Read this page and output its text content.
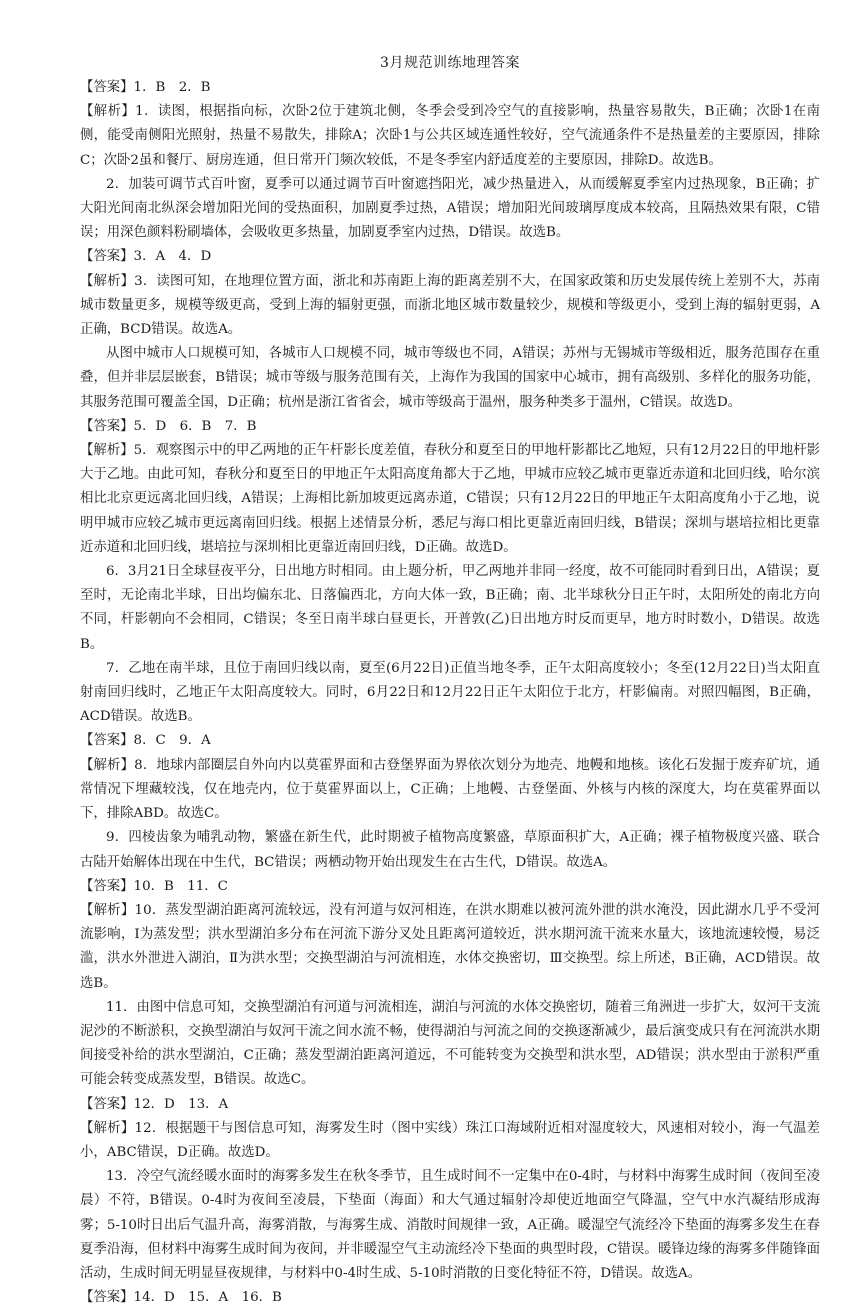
3月规范训练地理答案

【答案】1．B　2．B

【解析】1．读图，根据指向标，次卧2位于建筑北侧，冬季会受到冷空气的直接影响，热量容易散失，B正确；次卧1在南侧，能受南侧阳光照射，热量不易散失，排除A；次卧1与公共区域连通性较好，空气流通条件不是热量差的主要原因，排除C；次卧2虽和餐厅、厨房连通，但日常开门频次较低，不是冬季室内舒适度差的主要原因，排除D。故选B。

2．加装可调节式百叶窗，夏季可以通过调节百叶窗遮挡阳光，减少热量进入，从而缓解夏季室内过热现象，B正确；扩大阳光间南北纵深会增加阳光间的受热面积，加剧夏季过热，A错误；增加阳光间玻璃厚度成本较高，且隔热效果有限，C错误；用深色颜料粉刷墙体，会吸收更多热量，加剧夏季室内过热，D错误。故选B。

【答案】3．A　4．D

【解析】3．读图可知，在地理位置方面，浙北和苏南距上海的距离差别不大，在国家政策和历史发展传统上差别不大，苏南城市数量更多，规模等级更高，受到上海的辐射更强，而浙北地区城市数量较少，规模和等级更小，受到上海的辐射更弱，A正确，BCD错误。故选A。

从图中城市人口规模可知，各城市人口规模不同，城市等级也不同，A错误；苏州与无锡城市等级相近，服务范围存在重叠，但并非层层嵌套，B错误；城市等级与服务范围有关，上海作为我国的国家中心城市，拥有高级别、多样化的服务功能，其服务范围可覆盖全国，D正确；杭州是浙江省省会，城市等级高于温州，服务种类多于温州，C错误。故选D。

【答案】5．D　6．B　7．B

【解析】5．观察图示中的甲乙两地的正午杆影长度差值，春秋分和夏至日的甲地杆影都比乙地短，只有12月22日的甲地杆影大于乙地。由此可知，春秋分和夏至日的甲地正午太阳高度角都大于乙地，甲城市应较乙城市更靠近赤道和北回归线，哈尔滨相比北京更远离北回归线，A错误；上海相比新加坡更远离赤道，C错误；只有12月22日的甲地正午太阳高度角小于乙地，说明甲城市应较乙城市更远离南回归线。根据上述情景分析，悉尼与海口相比更靠近南回归线，B错误；深圳与堪培拉相比更靠近赤道和北回归线，堪培拉与深圳相比更靠近南回归线，D正确。故选D。

6．3月21日全球昼夜平分，日出地方时相同。由上题分析，甲乙两地并非同一经度，故不可能同时看到日出，A错误；夏至时，无论南北半球，日出均偏东北、日落偏西北，方向大体一致，B正确；南、北半球秋分日正午时，太阳所处的南北方向不同，杆影朝向不会相同，C错误；冬至日南半球白昼更长，开普敦(乙)日出地方时反而更早，地方时时数小，D错误。故选B。

7．乙地在南半球，且位于南回归线以南，夏至(6月22日)正值当地冬季，正午太阳高度较小；冬至(12月22日)当太阳直射南回归线时，乙地正午太阳高度较大。同时，6月22日和12月22日正午太阳位于北方，杆影偏南。对照四幅图，B正确，ACD错误。故选B。

【答案】8．C　9．A

【解析】8．地球内部圈层自外向内以莫霍界面和古登堡界面为界依次划分为地壳、地幔和地核。该化石发掘于废弃矿坑，通常情况下埋藏较浅，仅在地壳内，位于莫霍界面以上，C正确；上地幔、古登堡面、外核与内核的深度大，均在莫霍界面以下，排除ABD。故选C。

9．四棱齿象为哺乳动物，繁盛在新生代，此时期被子植物高度繁盛，草原面积扩大，A正确；裸子植物极度兴盛、联合古陆开始解体出现在中生代，BC错误；两栖动物开始出现发生在古生代，D错误。故选A。

【答案】10．B　11．C

【解析】10．蒸发型湖泊距离河流较远，没有河道与奴河相连，在洪水期难以被河流外泄的洪水淹没，因此湖水几乎不受河流影响，Ⅰ为蒸发型；洪水型湖泊多分布在河流下游分叉处且距离河道较近，洪水期河流干流来水量大，该地流速较慢，易泛滥，洪水外泄进入湖泊，Ⅱ为洪水型；交换型湖泊与河流相连，水体交换密切，Ⅲ交换型。综上所述，B正确，ACD错误。故选B。

11．由图中信息可知，交换型湖泊有河道与河流相连，湖泊与河流的水体交换密切，随着三角洲进一步扩大，奴河干支流泥沙的不断淤积，交换型湖泊与奴河干流之间水流不畅，使得湖泊与河流之间的交换逐渐减少，最后演变成只有在河流洪水期间接受补给的洪水型湖泊，C正确；蒸发型湖泊距离河道远，不可能转变为交换型和洪水型，AD错误；洪水型由于淤积严重可能会转变成蒸发型，B错误。故选C。

【答案】12．D　13．A

【解析】12．根据题干与图信息可知，海雾发生时（图中实线）珠江口海域附近相对湿度较大，风速相对较小，海一气温差小，ABC错误，D正确。故选D。

13．冷空气流经暖水面时的海雾多发生在秋冬季节，且生成时间不一定集中在0-4时，与材料中海雾生成时间（夜间至凌晨）不符，B错误。0-4时为夜间至凌晨，下垫面（海面）和大气通过辐射冷却使近地面空气降温，空气中水汽凝结形成海雾；5-10时日出后气温升高，海雾消散，与海雾生成、消散时间规律一致，A正确。暖湿空气流经冷下垫面的海雾多发生在春夏季沿海，但材料中海雾生成时间为夜间，并非暖湿空气主动流经冷下垫面的典型时段，C错误。暖锋边缘的海雾多伴随锋面活动，生成时间无明显昼夜规律，与材料中0-4时生成、5-10时消散的日变化特征不符，D错误。故选A。

【答案】14．D　15．A　16．B
